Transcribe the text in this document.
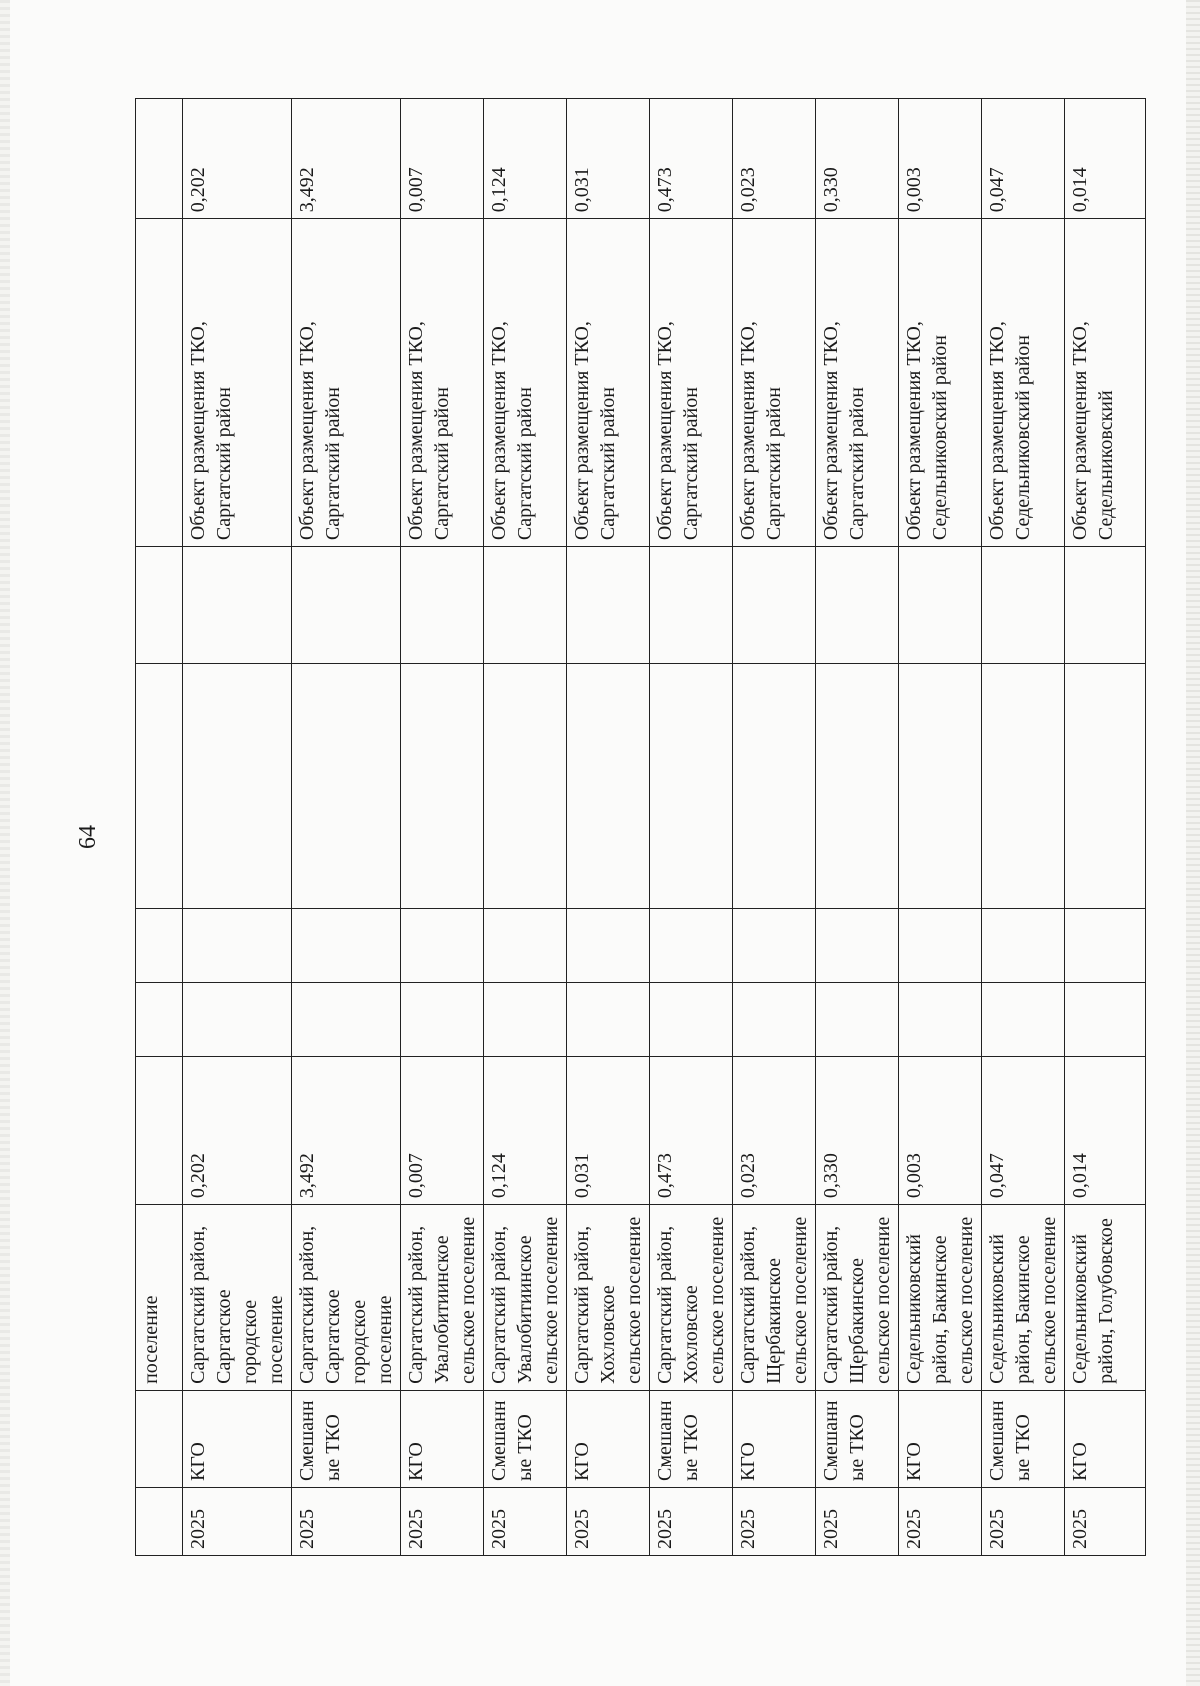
64
		поселение							
2025	КГО	Саргатский район, Саргатское городское поселение	0,202					Объект размещения ТКО, Саргатский район	0,202
2025	Смешанные ТКО	Саргатский район, Саргатское городское поселение	3,492					Объект размещения ТКО, Саргатский район	3,492
2025	КГО	Саргатский район, Увалобитиинское сельское поселение	0,007					Объект размещения ТКО, Саргатский район	0,007
2025	Смешанные ТКО	Саргатский район, Увалобитиинское сельское поселение	0,124					Объект размещения ТКО, Саргатский район	0,124
2025	КГО	Саргатский район, Хохловское сельское поселение	0,031					Объект размещения ТКО, Саргатский район	0,031
2025	Смешанные ТКО	Саргатский район, Хохловское сельское поселение	0,473					Объект размещения ТКО, Саргатский район	0,473
2025	КГО	Саргатский район, Щербакинское сельское поселение	0,023					Объект размещения ТКО, Саргатский район	0,023
2025	Смешанные ТКО	Саргатский район, Щербакинское сельское поселение	0,330					Объект размещения ТКО, Саргатский район	0,330
2025	КГО	Седельниковский район, Бакинское сельское поселение	0,003					Объект размещения ТКО, Седельниковский район	0,003
2025	Смешанные ТКО	Седельниковский район, Бакинское сельское поселение	0,047					Объект размещения ТКО, Седельниковский район	0,047
2025	КГО	Седельниковский район, Голубовское	0,014					Объект размещения ТКО, Седельниковский	0,014
